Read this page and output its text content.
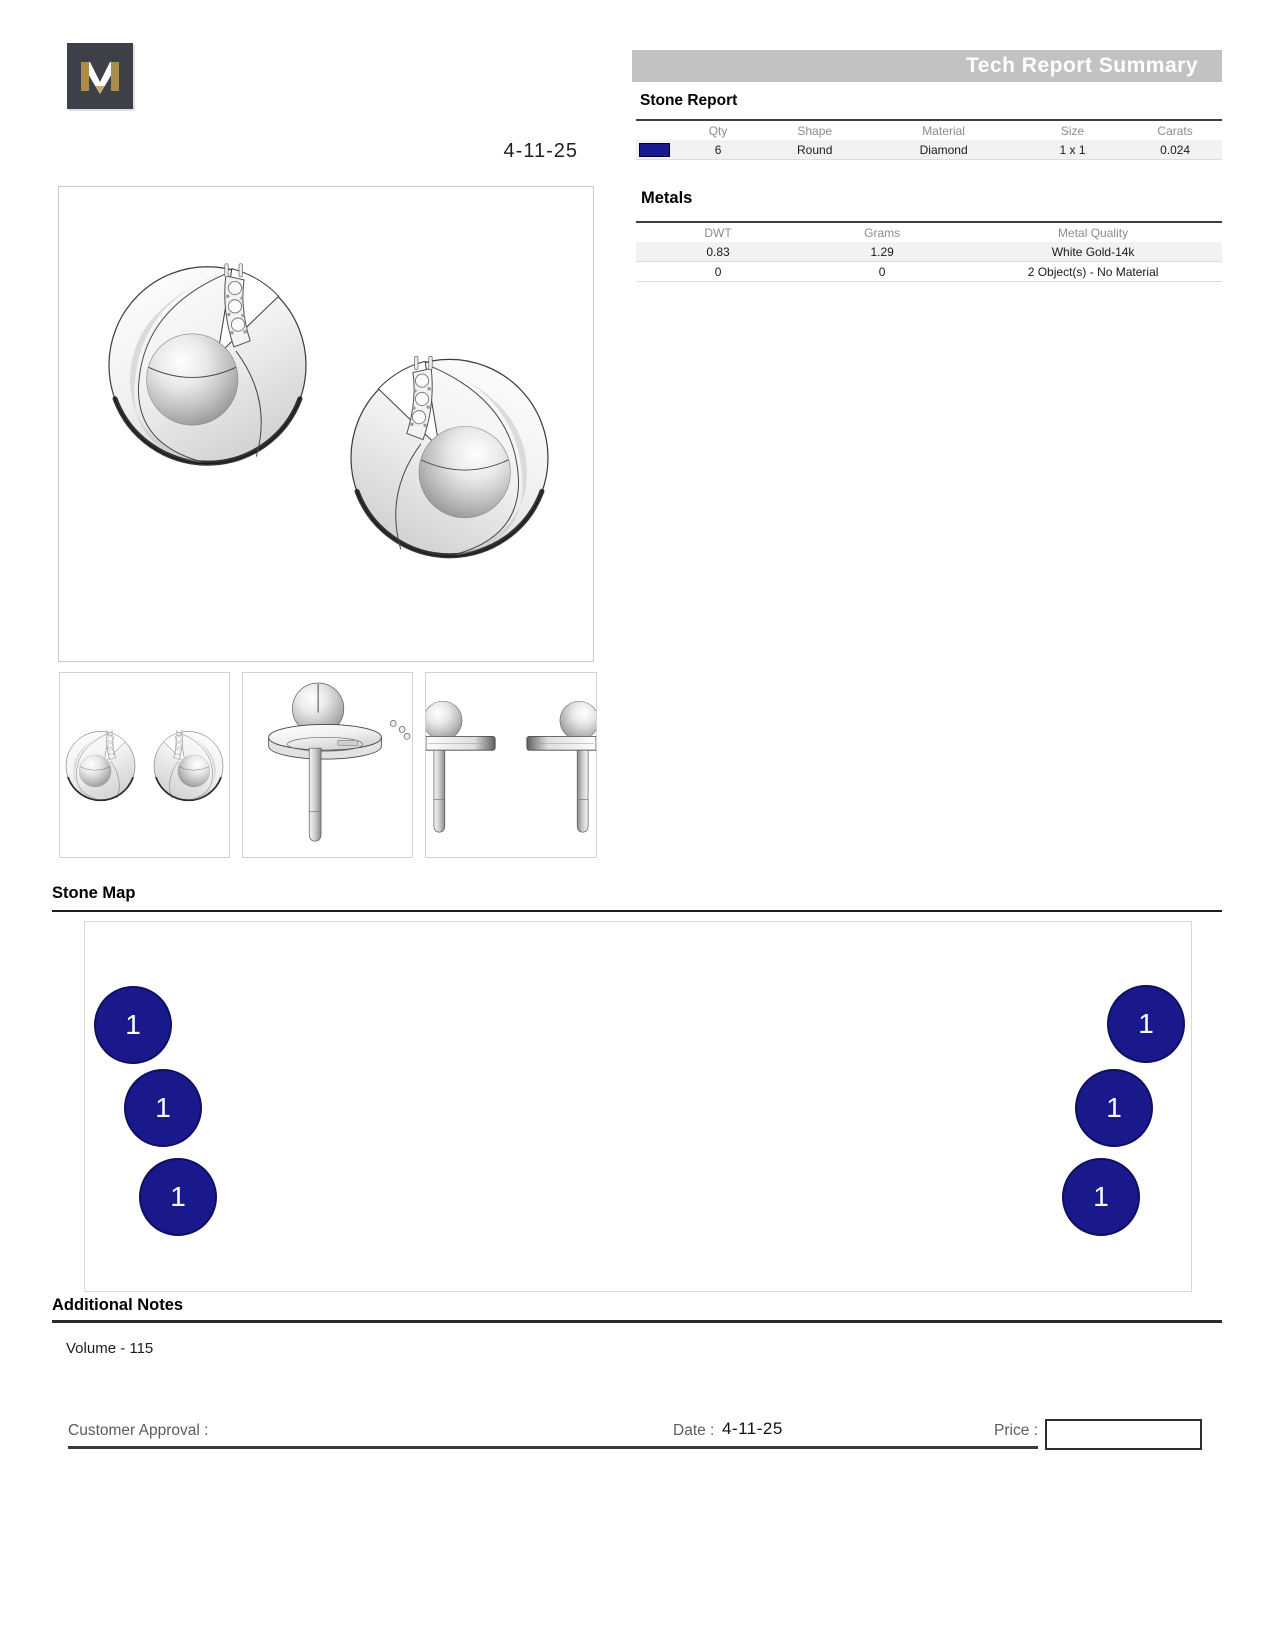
Tech Report Summary
4-11-25
Stone Report
Qty	Shape	Material	Size	Carats
6	Round	Diamond	1 x 1	0.024
Metals
DWT	Grams	Metal Quality
0.83	1.29	White Gold-14k
0	0	2 Object(s) - No Material
Stone Map
1
1
1
1
1
1
Additional Notes
Volume - 115
Customer Approval :	Date : 4-11-25	Price :
